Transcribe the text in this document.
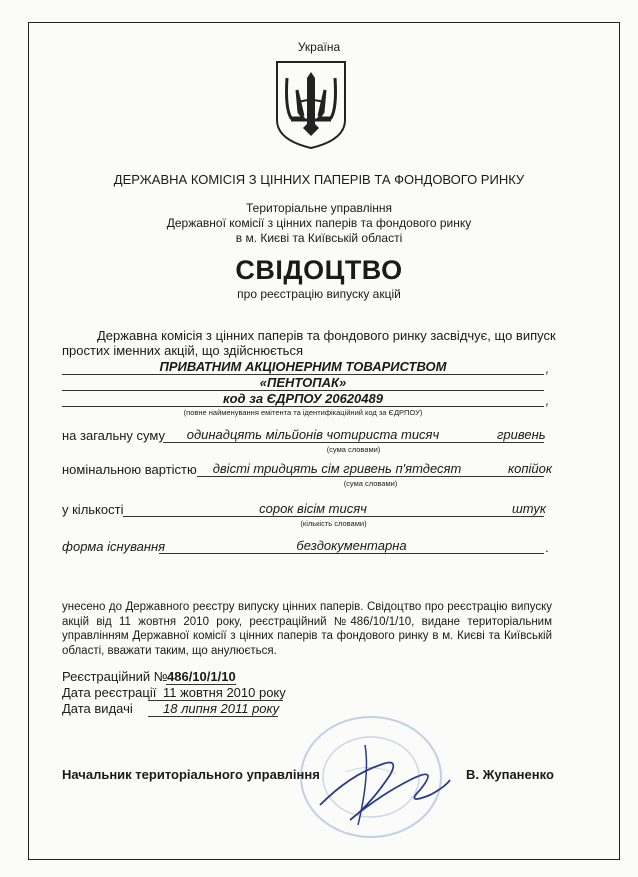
Україна
ДЕРЖАВНА КОМІСІЯ З ЦІННИХ ПАПЕРІВ ТА ФОНДОВОГО РИНКУ
Територіальне управління
Державної комісії з цінних паперів та фондового ринку
в м. Києві та Київській області
СВІДОЦТВО
про реєстрацію випуску акцій
Державна комісія з цінних паперів та фондового ринку засвідчує, що випуск
простих іменних акцій, що здійснюється
ПРИВАТНИМ АКЦІОНЕРНИМ ТОВАРИСТВОМ	,
«ПЕНТОПАК»
код за ЄДРПОУ 20620489	,
(повне найменування емітента та ідентифікаційний код за ЄДРПОУ)
на загальну суму	одинадцять мільйонів чотириста тисяч	гривень
(сума словами)
номінальною вартістю	двісті тридцять сім гривень п'ятдесят	копійок
(сума словами)
у кількості	сорок вісім тисяч	штук
(кількість словами)
форма існування	бездокументарна	.
унесено до Державного реєстру випуску цінних паперів. Свідоцтво про реєстрацію випуску акцій від 11 жовтня 2010 року, реєстраційний №486/10/1/10, видане територіальним управлінням Державної комісії з цінних паперів та фондового ринку в м. Києві та Київській області, вважати таким, що анулюється.
Реєстраційний № 486/10/1/10
Дата реєстрації 11 жовтня 2010 року
Дата видачі 18 липня 2011 року
Начальник територіального управління	В. Жупаненко
